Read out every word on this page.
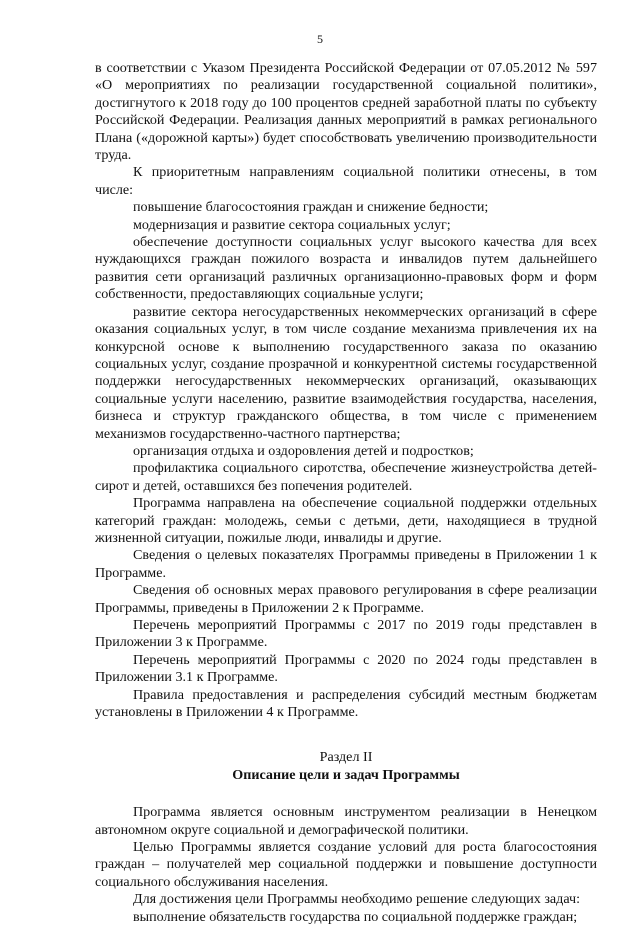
5

в соответствии с Указом Президента Российской Федерации от 07.05.2012 № 597 «О мероприятиях по реализации государственной социальной политики», достигнутого к 2018 году до 100 процентов средней заработной платы по субъекту Российской Федерации. Реализация данных мероприятий в рамках регионального Плана («дорожной карты») будет способствовать увеличению производительности труда.

К приоритетным направлениям социальной политики отнесены, в том числе:

повышение благосостояния граждан и снижение бедности;

модернизация и развитие сектора социальных услуг;

обеспечение доступности социальных услуг высокого качества для всех нуждающихся граждан пожилого возраста и инвалидов путем дальнейшего развития сети организаций различных организационно-правовых форм и форм собственности, предоставляющих социальные услуги;

развитие сектора негосударственных некоммерческих организаций в сфере оказания социальных услуг, в том числе создание механизма привлечения их на конкурсной основе к выполнению государственного заказа по оказанию социальных услуг, создание прозрачной и конкурентной системы государственной поддержки негосударственных некоммерческих организаций, оказывающих социальные услуги населению, развитие взаимодействия государства, населения, бизнеса и структур гражданского общества, в том числе с применением механизмов государственно-частного партнерства;

организация отдыха и оздоровления детей и подростков;

профилактика социального сиротства, обеспечение жизнеустройства детей-сирот и детей, оставшихся без попечения родителей.

Программа направлена на обеспечение социальной поддержки отдельных категорий граждан: молодежь, семьи с детьми, дети, находящиеся в трудной жизненной ситуации, пожилые люди, инвалиды и другие.

Сведения о целевых показателях Программы приведены в Приложении 1 к Программе.

Сведения об основных мерах правового регулирования в сфере реализации Программы, приведены в Приложении 2 к Программе.

Перечень мероприятий Программы с 2017 по 2019 годы представлен в Приложении 3 к Программе.

Перечень мероприятий Программы с 2020 по 2024 годы представлен в Приложении 3.1 к Программе.

Правила предоставления и распределения субсидий местным бюджетам установлены в Приложении 4 к Программе.

Раздел II

Описание цели и задач Программы

Программа является основным инструментом реализации в Ненецком автономном округе социальной и демографической политики.

Целью Программы является создание условий для роста благосостояния граждан – получателей мер социальной поддержки и повышение доступности социального обслуживания населения.

Для достижения цели Программы необходимо решение следующих задач:

выполнение обязательств государства по социальной поддержке граждан;
